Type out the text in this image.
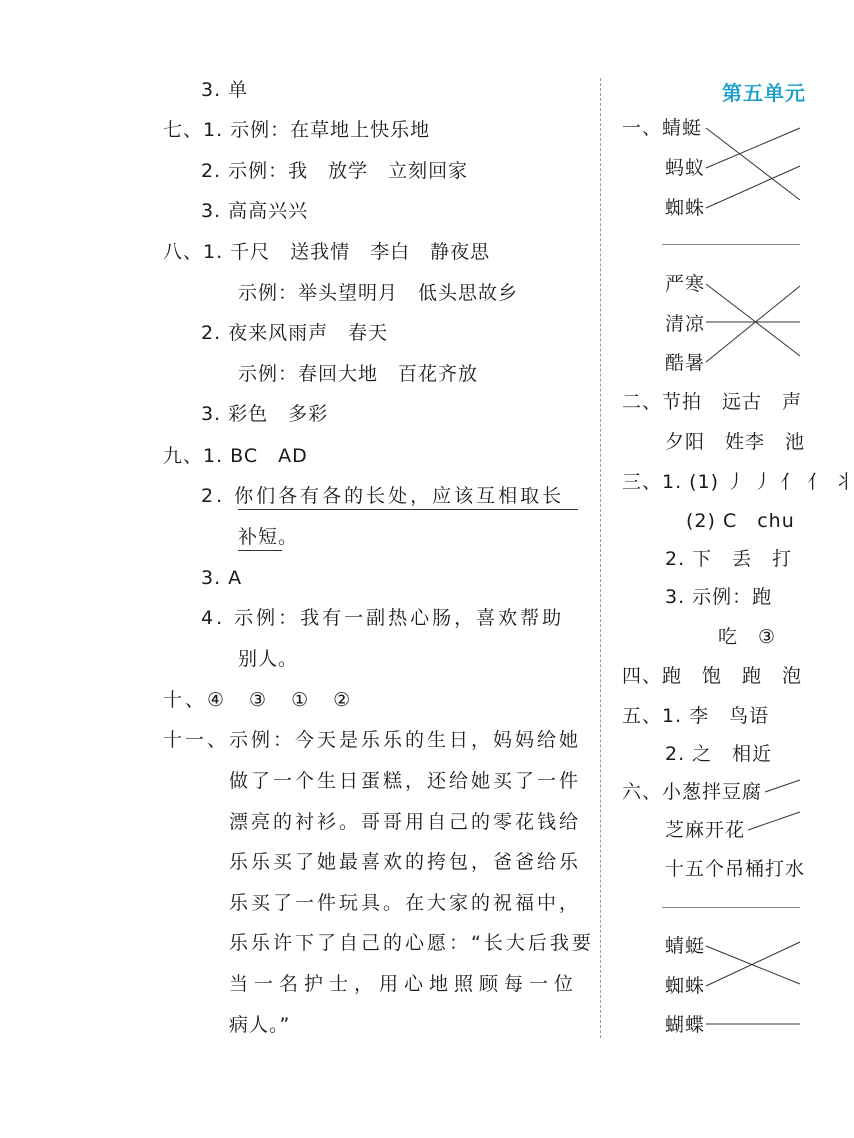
3. 单
七、1. 示例：在草地上快乐地
2. 示例：我　放学　立刻回家
3. 高高兴兴
八、1. 千尺　送我情　李白　静夜思
示例：举头望明月　低头思故乡
2. 夜来风雨声　春天
示例：春回大地　百花齐放
3. 彩色　多彩
九、1. BC　AD
2. 你们各有各的长处，应该互相取长
补短。
3. A
4. 示例：我有一副热心肠，喜欢帮助
别人。
十、④　③　①　②
十一、示例：今天是乐乐的生日，妈妈给她
做了一个生日蛋糕，还给她买了一件
漂亮的衬衫。哥哥用自己的零花钱给
乐乐买了她最喜欢的挎包，爸爸给乐
乐买了一件玩具。在大家的祝福中，
乐乐许下了自己的心愿：“长大后我要
当一名护士，用心地照顾每一位
病人。”
第五单元
一、蜻蜓
蚂蚁
蜘蛛
严寒
清凉
酷暑
二、节拍　远古　声
夕阳　姓李　池
三、1. (1) 丿 丿 亻 亻 丬
(2) C　chu
2. 下　丢　打
3. 示例：跑
吃　③
四、跑　饱　跑　泡
五、1. 李　鸟语
2. 之　相近
六、小葱拌豆腐
芝麻开花
十五个吊桶打水
蜻蜓
蜘蛛
蝴蝶
